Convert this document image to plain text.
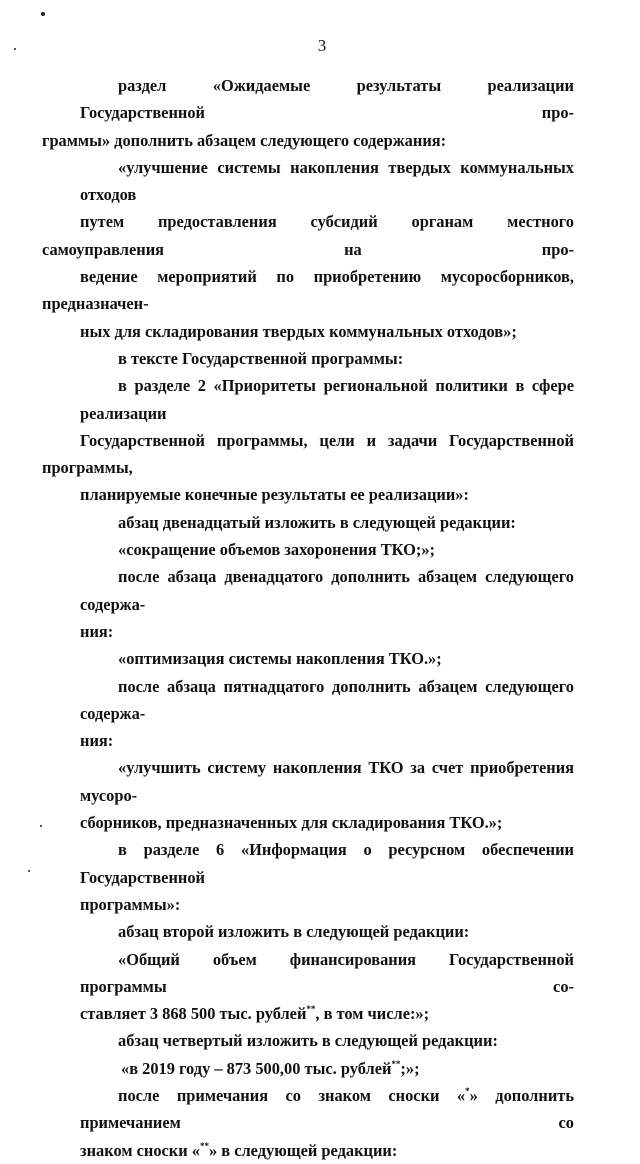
3

раздел «Ожидаемые результаты реализации Государственной про-
граммы» дополнить абзацем следующего содержания:

«улучшение системы накопления твердых коммунальных отходов
путем предоставления субсидий органам местного самоуправления на про-
ведение мероприятий по приобретению мусоросборников, предназначен-
ных для складирования твердых коммунальных отходов»;

в тексте Государственной программы:

в разделе 2 «Приоритеты региональной политики в сфере реализации
Государственной программы, цели и задачи Государственной программы,
планируемые конечные результаты ее реализации»:

абзац двенадцатый изложить в следующей редакции:

«сокращение объемов захоронения ТКО;»;

после абзаца двенадцатого дополнить абзацем следующего содержа-
ния:

«оптимизация системы накопления ТКО.»;

после абзаца пятнадцатого дополнить абзацем следующего содержа-
ния:

«улучшить систему накопления ТКО за счет приобретения мусоро-
сборников, предназначенных для складирования ТКО.»;

в разделе 6 «Информация о ресурсном обеспечении Государственной
программы»:

абзац второй изложить в следующей редакции:

«Общий объем финансирования Государственной программы со-
ставляет 3 868 500 тыс. рублей**, в том числе:»;

абзац четвертый изложить в следующей редакции:

«в 2019 году – 873 500,00 тыс. рублей**;»;

после примечания со знаком сноски «*» дополнить примечанием со
знаком сноски «**» в следующей редакции:
